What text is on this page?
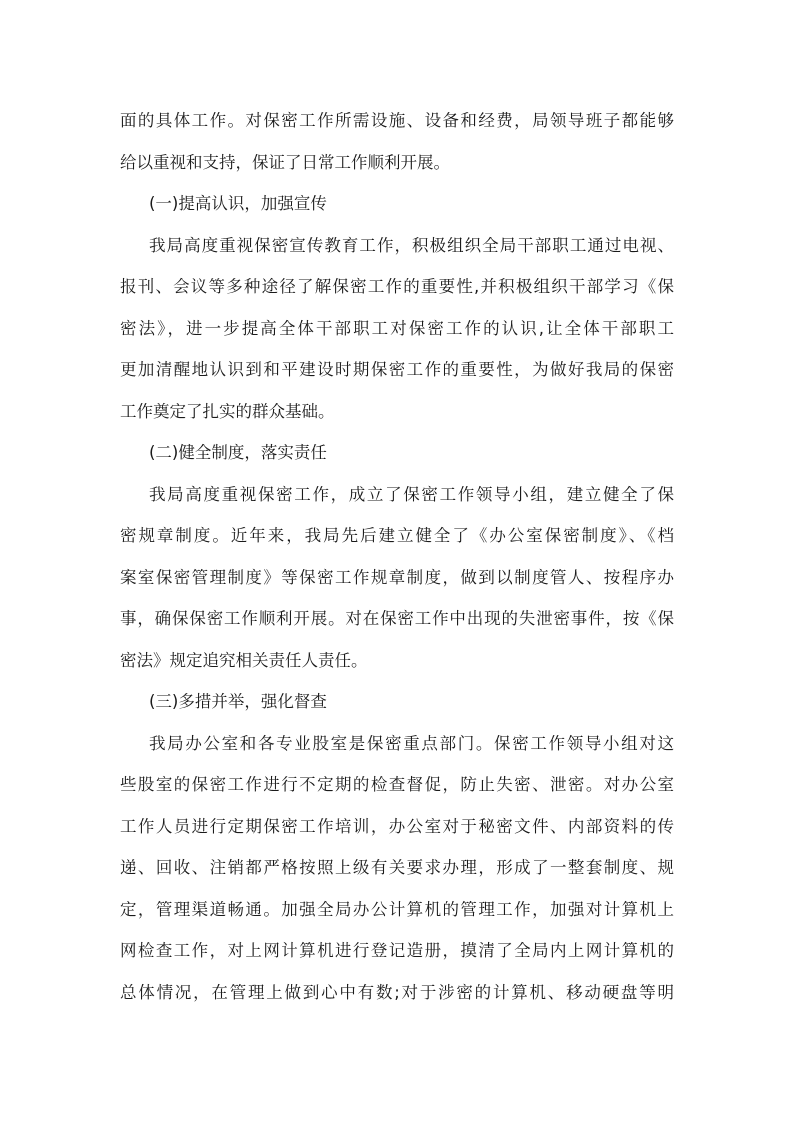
面的具体工作。对保密工作所需设施、设备和经费，局领导班子都能够
给以重视和支持，保证了日常工作顺利开展。
(一)提高认识，加强宣传
我局高度重视保密宣传教育工作，积极组织全局干部职工通过电视、
报刊、会议等多种途径了解保密工作的重要性,并积极组织干部学习《保
密法》，进一步提高全体干部职工对保密工作的认识,让全体干部职工
更加清醒地认识到和平建设时期保密工作的重要性，为做好我局的保密
工作奠定了扎实的群众基础。
(二)健全制度，落实责任
我局高度重视保密工作，成立了保密工作领导小组，建立健全了保
密规章制度。近年来，我局先后建立健全了《办公室保密制度》、《档
案室保密管理制度》等保密工作规章制度，做到以制度管人、按程序办
事，确保保密工作顺利开展。对在保密工作中出现的失泄密事件，按《保
密法》规定追究相关责任人责任。
(三)多措并举，强化督查
我局办公室和各专业股室是保密重点部门。保密工作领导小组对这
些股室的保密工作进行不定期的检查督促，防止失密、泄密。对办公室
工作人员进行定期保密工作培训，办公室对于秘密文件、内部资料的传
递、回收、注销都严格按照上级有关要求办理，形成了一整套制度、规
定，管理渠道畅通。加强全局办公计算机的管理工作，加强对计算机上
网检查工作，对上网计算机进行登记造册，摸清了全局内上网计算机的
总体情况，在管理上做到心中有数;对于涉密的计算机、移动硬盘等明
